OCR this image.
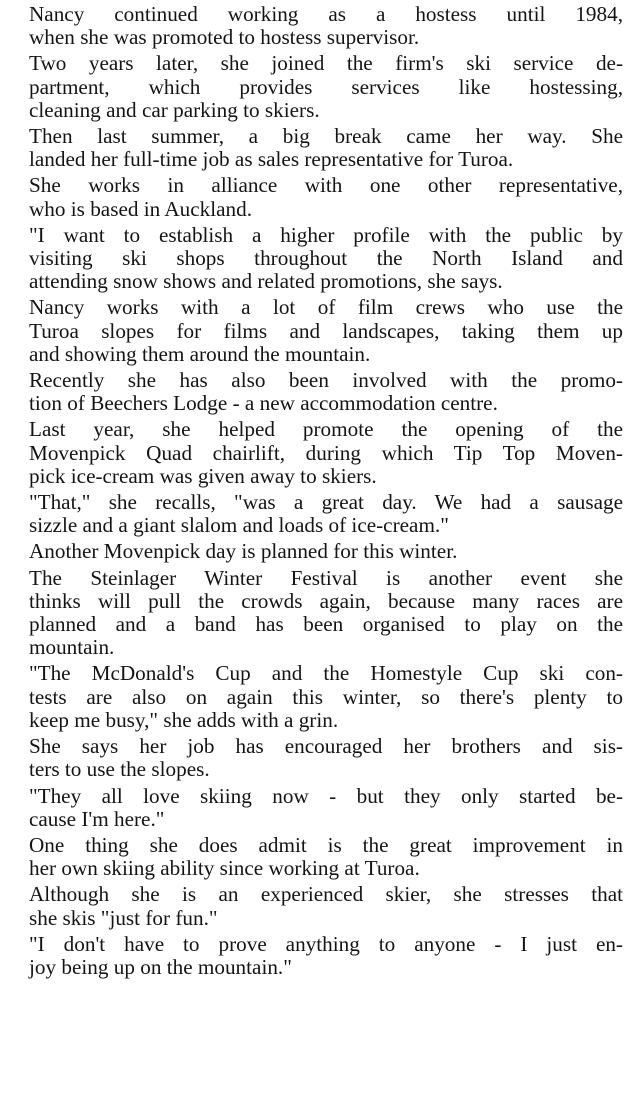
Nancy continued working as a hostess until 1984,
when she was promoted to hostess supervisor.
Two years later, she joined the firm's ski service de-
partment, which provides services like hostessing,
cleaning and car parking to skiers.
Then last summer, a big break came her way. She
landed her full-time job as sales representative for Turoa.
She works in alliance with one other representative,
who is based in Auckland.
"I want to establish a higher profile with the public by
visiting ski shops throughout the North Island and
attending snow shows and related promotions, she says.
Nancy works with a lot of film crews who use the
Turoa slopes for films and landscapes, taking them up
and showing them around the mountain.
Recently she has also been involved with the promo-
tion of Beechers Lodge - a new accommodation centre.
Last year, she helped promote the opening of the
Movenpick Quad chairlift, during which Tip Top Moven-
pick ice-cream was given away to skiers.
"That," she recalls, "was a great day. We had a sausage
sizzle and a giant slalom and loads of ice-cream."
Another Movenpick day is planned for this winter.
The Steinlager Winter Festival is another event she
thinks will pull the crowds again, because many races are
planned and a band has been organised to play on the
mountain.
"The McDonald's Cup and the Homestyle Cup ski con-
tests are also on again this winter, so there's plenty to
keep me busy," she adds with a grin.
She says her job has encouraged her brothers and sis-
ters to use the slopes.
"They all love skiing now - but they only started be-
cause I'm here."
One thing she does admit is the great improvement in
her own skiing ability since working at Turoa.
Although she is an experienced skier, she stresses that
she skis "just for fun."
"I don't have to prove anything to anyone - I just en-
joy being up on the mountain."
